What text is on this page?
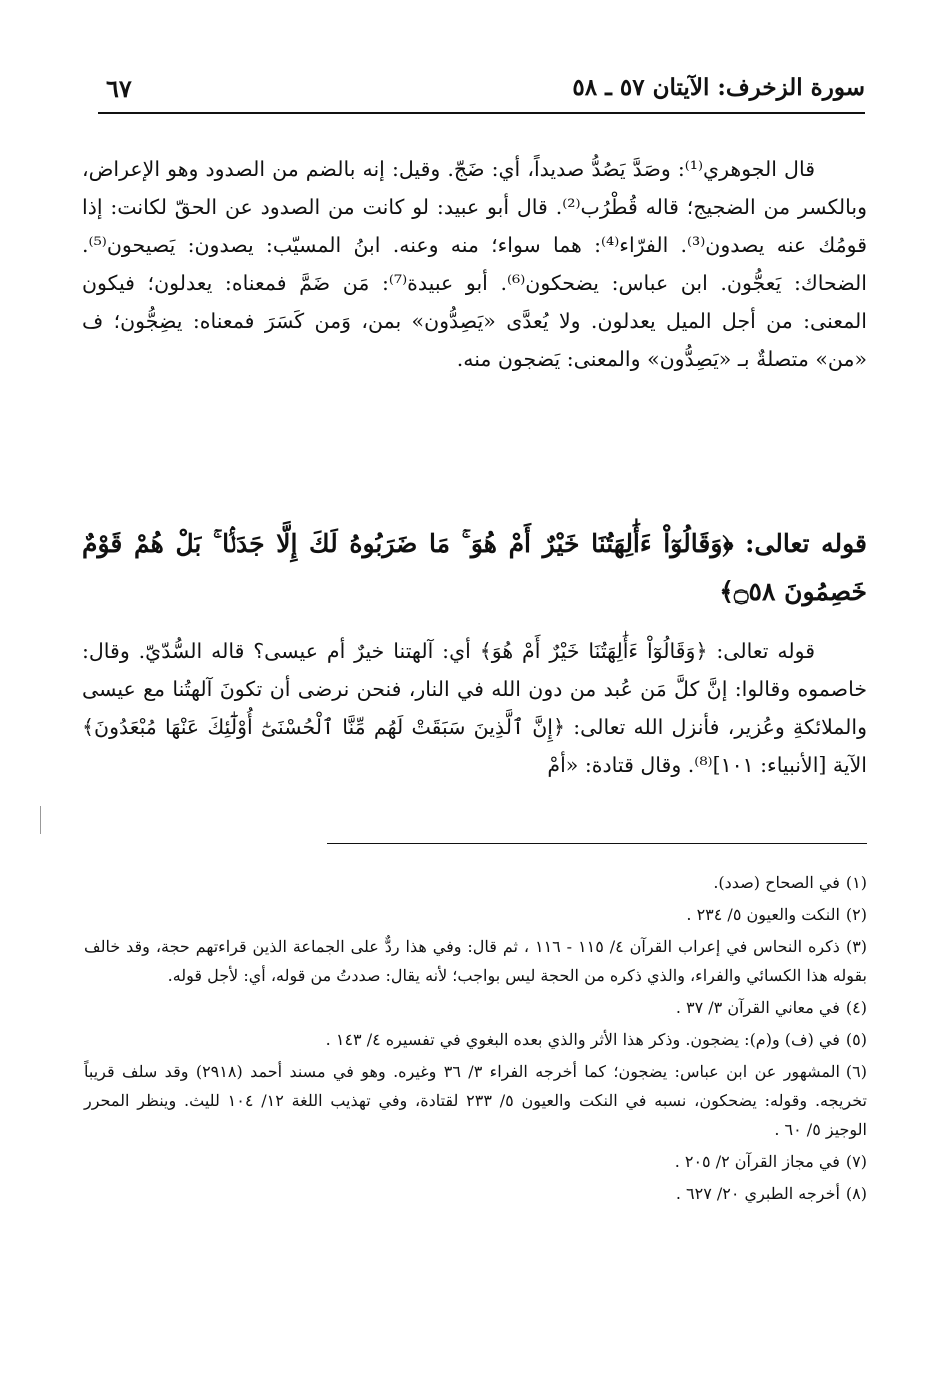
سورة الزخرف: الآيتان ٥٧ ـ ٥٨
٦٧

قال الجوهري⁽¹⁾: وصَدَّ يَصُدُّ صديداً، أي: ضَجّ. وقيل: إنه بالضم من الصدود وهو الإعراض، وبالكسر من الضجيج؛ قاله قُطْرُب⁽²⁾. قال أبو عبيد: لو كانت من الصدود عن الحقّ لكانت: إذا قومُك عنه يصدون⁽³⁾. الفرّاء⁽⁴⁾: هما سواء؛ منه وعنه. ابنُ المسيّب: يصدون: يَصيحون⁽⁵⁾. الضحاك: يَعجُّون. ابن عباس: يضحكون⁽⁶⁾. أبو عبيدة⁽⁷⁾: مَن ضَمَّ فمعناه: يعدلون؛ فيكون المعنى: من أجل الميل يعدلون. ولا يُعدَّى «يَصِدُّون» بمن، وَمن كَسَرَ فمعناه: يضِجُّون؛ ف «من» متصلةٌ بـ «يَصِدُّون» والمعنى: يَضجون منه.

قوله تعالى: ﴿وَقَالُوٓاْ ءَأَٰلِهَتُنَا خَيْرٌ أَمْ هُوَ ۚ مَا ضَرَبُوهُ لَكَ إِلَّا جَدَلَۢا ۚ بَلْ هُمْ قَوْمٌ خَصِمُونَ ۝٥٨﴾

قوله تعالى: ﴿وَقَالُوٓاْ ءَأَٰلِهَتُنَا خَيْرٌ أَمْ هُوَ﴾ أي: آلهتنا خيرٌ أم عيسى؟ قاله السُّدّيّ. وقال: خاصموه وقالوا: إنَّ كلَّ مَن عُبد من دون الله في النار، فنحن نرضى أن تكونَ آلهتُنا مع عيسى والملائكةِ وعُزير، فأنزل الله تعالى: ﴿إِنَّ ٱلَّذِينَ سَبَقَتْ لَهُم مِّنَّا ٱلْحُسْنَىٰٓ أُوْلَٰٓئِكَ عَنْهَا مُبْعَدُونَ﴾ الآية [الأنبياء: ١٠١]⁽⁸⁾. وقال قتادة: «أمْ

(١)في الصحاح (صدد).

(٢)النكت والعيون ٥/ ٢٣٤ .

(٣)ذكره النحاس في إعراب القرآن ٤/ ١١٥ - ١١٦ ، ثم قال: وفي هذا ردٌّ على الجماعة الذين قراءتهم حجة، وقد خالف بقوله هذا الكسائي والفراء، والذي ذكره من الحجة ليس بواجب؛ لأنه يقال: صددتُ من قوله، أي: لأجل قوله.

(٤)في معاني القرآن ٣/ ٣٧ .

(٥)في (ف) و(م): يضجون. وذكر هذا الأثر والذي بعده البغوي في تفسيره ٤/ ١٤٣ .

(٦)المشهور عن ابن عباس: يضجون؛ كما أخرجه الفراء ٣/ ٣٦ وغيره. وهو في مسند أحمد (٢٩١٨) وقد سلف قريباً تخريجه. وقوله: يضحكون، نسبه في النكت والعيون ٥/ ٢٣٣ لقتادة، وفي تهذيب اللغة ١٢/ ١٠٤ لليث. وينظر المحرر الوجيز ٥/ ٦٠ .

(٧)في مجاز القرآن ٢/ ٢٠٥ .

(٨)أخرجه الطبري ٢٠/ ٦٢٧ .
